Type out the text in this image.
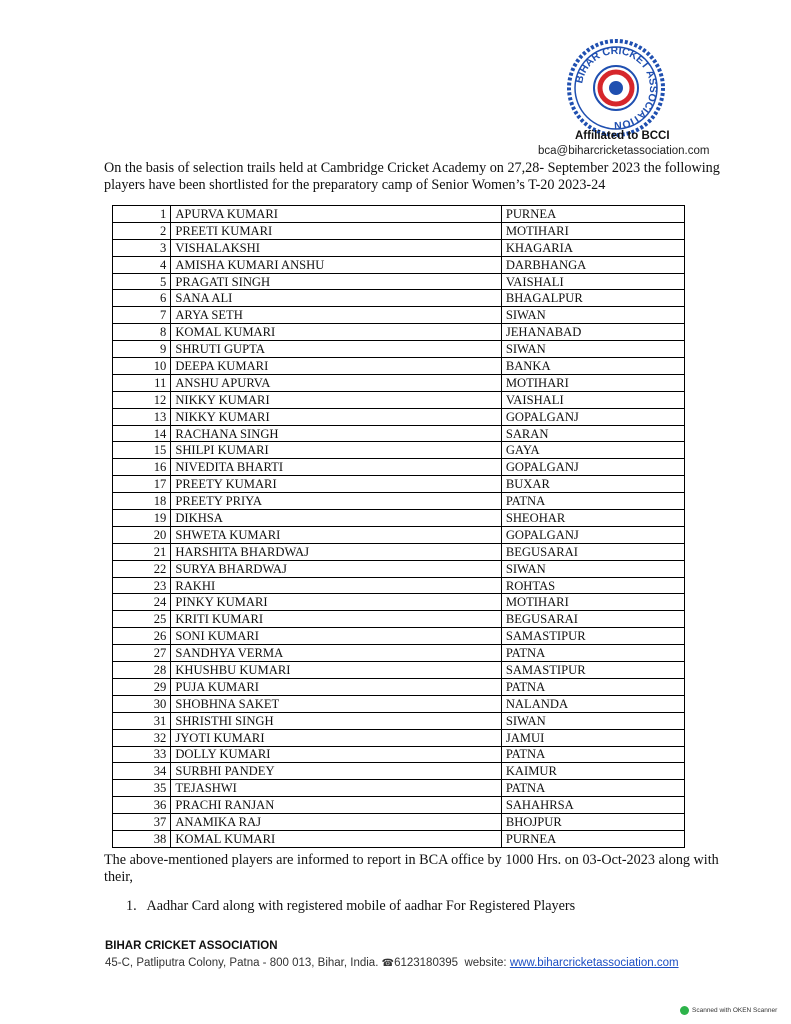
BIHAR CRICKET ASSOCIATION
Affiliated to BCCI
bca@biharcricketassociation.com

On the basis of selection trails held at Cambridge Cricket Academy on 27,28- September 2023 the following players have been shortlisted for the preparatory camp of Senior Women’s T-20 2023-24

1	APURVA KUMARI	PURNEA
2	PREETI KUMARI	MOTIHARI
3	VISHALAKSHI	KHAGARIA
4	AMISHA KUMARI ANSHU	DARBHANGA
5	PRAGATI SINGH	VAISHALI
6	SANA ALI	BHAGALPUR
7	ARYA SETH	SIWAN
8	KOMAL KUMARI	JEHANABAD
9	SHRUTI GUPTA	SIWAN
10	DEEPA KUMARI	BANKA
11	ANSHU APURVA	MOTIHARI
12	NIKKY KUMARI	VAISHALI
13	NIKKY KUMARI	GOPALGANJ
14	RACHANA SINGH	SARAN
15	SHILPI KUMARI	GAYA
16	NIVEDITA BHARTI	GOPALGANJ
17	PREETY KUMARI	BUXAR
18	PREETY PRIYA	PATNA
19	DIKHSA	SHEOHAR
20	SHWETA KUMARI	GOPALGANJ
21	HARSHITA BHARDWAJ	BEGUSARAI
22	SURYA BHARDWAJ	SIWAN
23	RAKHI	ROHTAS
24	PINKY KUMARI	MOTIHARI
25	KRITI KUMARI	BEGUSARAI
26	SONI KUMARI	SAMASTIPUR
27	SANDHYA VERMA	PATNA
28	KHUSHBU KUMARI	SAMASTIPUR
29	PUJA KUMARI	PATNA
30	SHOBHNA SAKET	NALANDA
31	SHRISTHI SINGH	SIWAN
32	JYOTI KUMARI	JAMUI
33	DOLLY KUMARI	PATNA
34	SURBHI PANDEY	KAIMUR
35	TEJASHWI	PATNA
36	PRACHI RANJAN	SAHAHRSA
37	ANAMIKA RAJ	BHOJPUR
38	KOMAL KUMARI	PURNEA

The above-mentioned players are informed to report in BCA office by 1000 Hrs. on 03-Oct-2023 along with their,

1. Aadhar Card along with registered mobile of aadhar For Registered Players
BIHAR CRICKET ASSOCIATION
45-C, Patliputra Colony, Patna - 800 013, Bihar, India. ☎6123180395 website: www.biharcricketassociation.com
Scanned with OKEN Scanner
